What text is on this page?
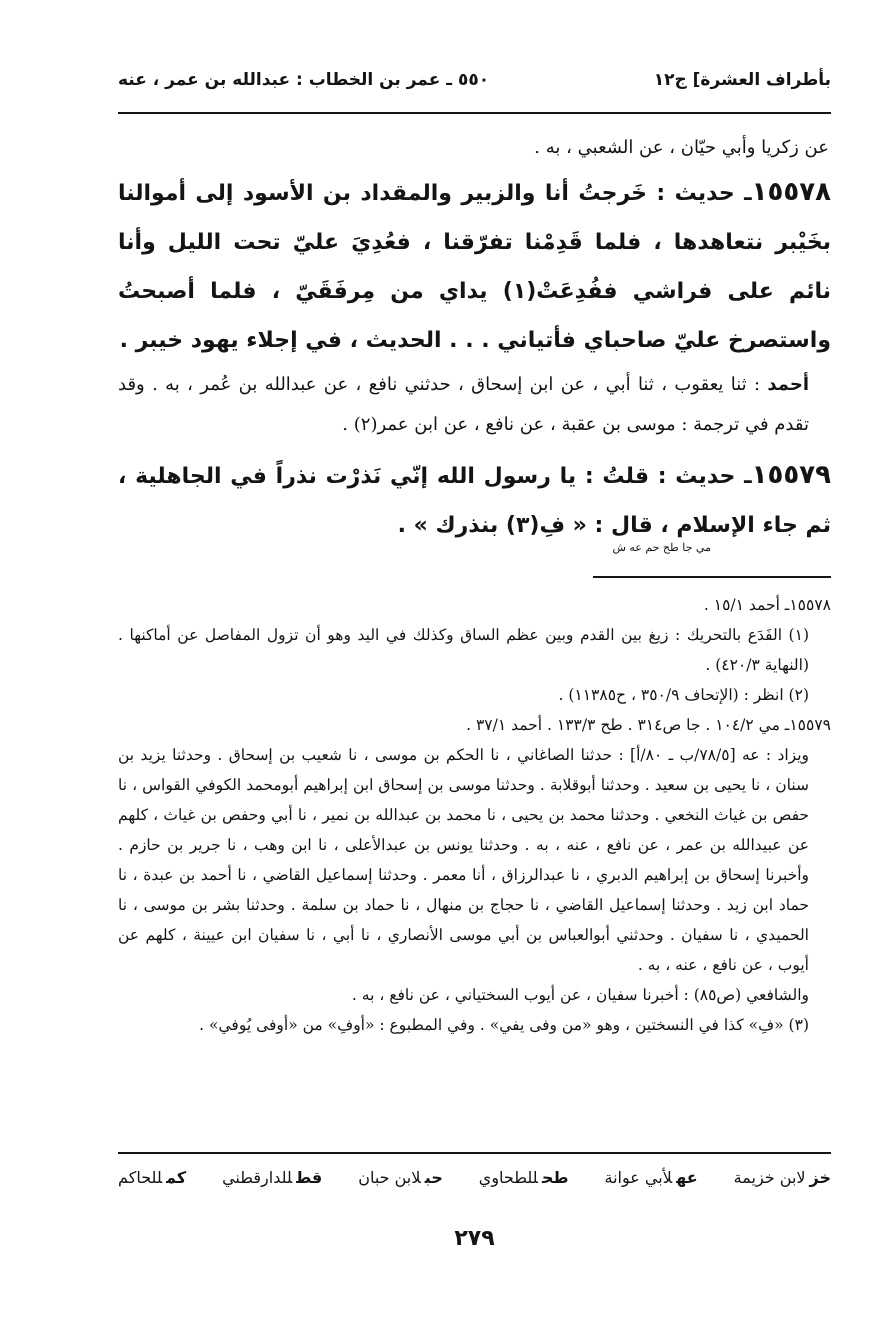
بأطراف العشرة] ج١٢
٥٥٠ ـ عمر بن الخطاب : عبدالله بن عمر ، عنه

عن زكريا وأبي حيّان ، عن الشعبي ، به .

١٥٥٧٨ـ حديث : خَرجتُ أنا والزبير والمقداد بن الأسود إلى أموالنا بخَيْبر نتعاهدها ، فلما قَدِمْنا تفرّقنا ، فعُدِيَ عليّ تحت الليل وأنا نائم على فراشي ففُدِعَتْ(١) يداي من مِرفَقَيّ ، فلما أصبحتُ واستصرخ عليّ صاحباي فأتياني . . . الحديث ، في إجلاء يهود خيبر .

أحمد : ثنا يعقوب ، ثنا أبي ، عن ابن إسحاق ، حدثني نافع ، عن عبدالله بن عُمر ، به . وقد تقدم في ترجمة : موسى بن عقبة ، عن نافع ، عن ابن عمر(٢) .

١٥٥٧٩ـ حديث : قلتُ : يا رسول الله إنّي نَذرْت نذراً في الجاهلية ، ثم جاء الإسلام ، قال : « فِ(٣) بنذرك » .

مي جا طح حم عه ش

١٥٥٧٨ـ أحمد ١٥/١ .

(١) الفَدَع بالتحريك : زيغ بين القدم وبين عظم الساق وكذلك في اليد وهو أن تزول المفاصل عن أماكنها . (النهاية ٤٢٠/٣) .

(٢) انظر : (الإتحاف ٣٥٠/٩ ، ح١١٣٨٥) .

١٥٥٧٩ـ مي ١٠٤/٢ . جا ص٣١٤ . طح ١٣٣/٣ . أحمد ٣٧/١ .

ويزاد : عه [٧٨/٥/ب ـ ٨٠/أ] : حدثنا الصاغاني ، نا الحكم بن موسى ، نا شعيب بن إسحاق . وحدثنا يزيد بن سنان ، نا يحيى بن سعيد . وحدثنا أبوقلابة . وحدثنا موسى بن إسحاق ابن إبراهيم أبومحمد الكوفي القواس ، نا حفص بن غياث النخعي . وحدثنا محمد بن يحيى ، نا محمد بن عبدالله بن نمير ، نا أبي وحفص بن غياث ، كلهم عن عبيدالله بن عمر ، عن نافع ، عنه ، به . وحدثنا يونس بن عبدالأعلى ، نا ابن وهب ، نا جرير بن حازم . وأخبرنا إسحاق بن إبراهيم الدبري ، نا عبدالرزاق ، أنا معمر . وحدثنا إسماعيل القاضي ، نا أحمد بن عبدة ، نا حماد ابن زيد . وحدثنا إسماعيل القاضي ، نا حجاج بن منهال ، نا حماد بن سلمة . وحدثنا بشر بن موسى ، نا الحميدي ، نا سفيان . وحدثني أبوالعباس بن أبي موسى الأنصاري ، نا أبي ، نا سفيان ابن عيينة ، كلهم عن أيوب ، عن نافع ، عنه ، به .

والشافعي (ص٨٥) : أخبرنا سفيان ، عن أيوب السختياني ، عن نافع ، به .

(٣) «فِ» كذا في النسختين ، وهو «من وفى يفي» . وفي المطبوع : «أوفِ» من «أوفى يُوفي» .

خزلابن خزيمة
عهلأبي عوانة
طحللطحاوي
حبلابن حبان
قطللدارقطني
كمللحاكم
٢٧٩
